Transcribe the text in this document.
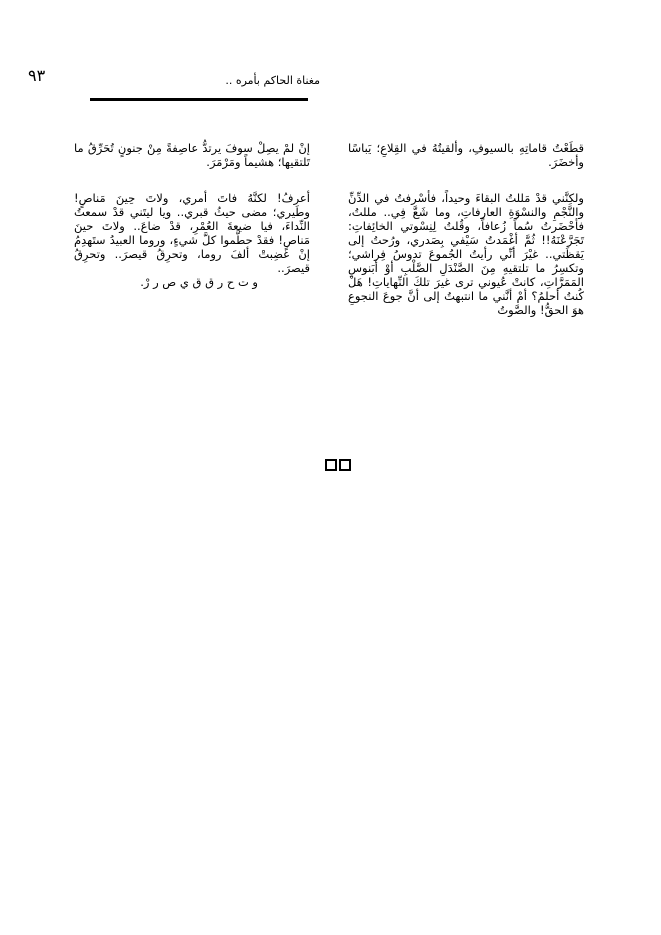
٩٣	مغناة الحاكم بأمره ..

قطَعْتُ قاماتِهِ بالسيوفِ، وألقيتُهُ في القِلاعِ؛ يَباسًا وأخضَرَ.

ولكِنَّني قدْ مَللتُ البقاءَ وحيداً، فأسْرفتُ في الدِّنِّ والنَّجْمِ والنسْوَةِ العارفاتِ، وما شَعَّ فِي.. مللتُ، فأحْضَرتُ سُماً زُعافاً، وقُلتُ لِنِسْوتي الخائِفاتِ: تَجَرَّعْنَهُ!! ثُمَّ أغْمَدتُ سَيْفي بِصَدري، ورُحتُ إلى يَقظَتي.. غيْرَ أنِّي رأيتُ الجُموعَ تدوسُ فِراشي؛ وتكسِرُ ما تلتقيهِ مِنَ الصَّنْدَلِ الصَّلْبِ أوْ أبَنوسِ المَمَرَّاتِ، كانتْ عُيوني ترى غيرَ تلكَ النِّهاياتِ! هَلْ كُنتُ أحلمُ؟ أمْ أنَّني ما انتبهتُ إلى أنَّ جوعَ النجوعِ هوَ الحقُّ! والصَّوتُ

إنْ لمْ يصِلْ سوفَ يرتدُّ عاصِفةً مِنْ جنونٍ تُحَرِّقُ ما تَلتقيها؛ هشيماً ومَرْمَرَ.

أعرفُ! لكنَّهُ فاتَ أمري، ولاتَ حِينَ مَناصٍ! وطَيري؛ مضى حيثُ قبري.. ويا ليتَني قدْ سمعتُ النِّداءَ، فيا ضيعةَ العُمْرِ، قدْ ضاعَ.. ولاتَ حينَ مَناصٍ! فقدْ حطَّموا كلَّ شيءٍ، وروما العبيدُ ستَهدِمُ إنْ غضِبتْ ألفَ روما، وتحرِقُ قيصرَ.. وتحرِقُ قيصرَ..

و ت ح ر ق ق ي ص ر رْ.
